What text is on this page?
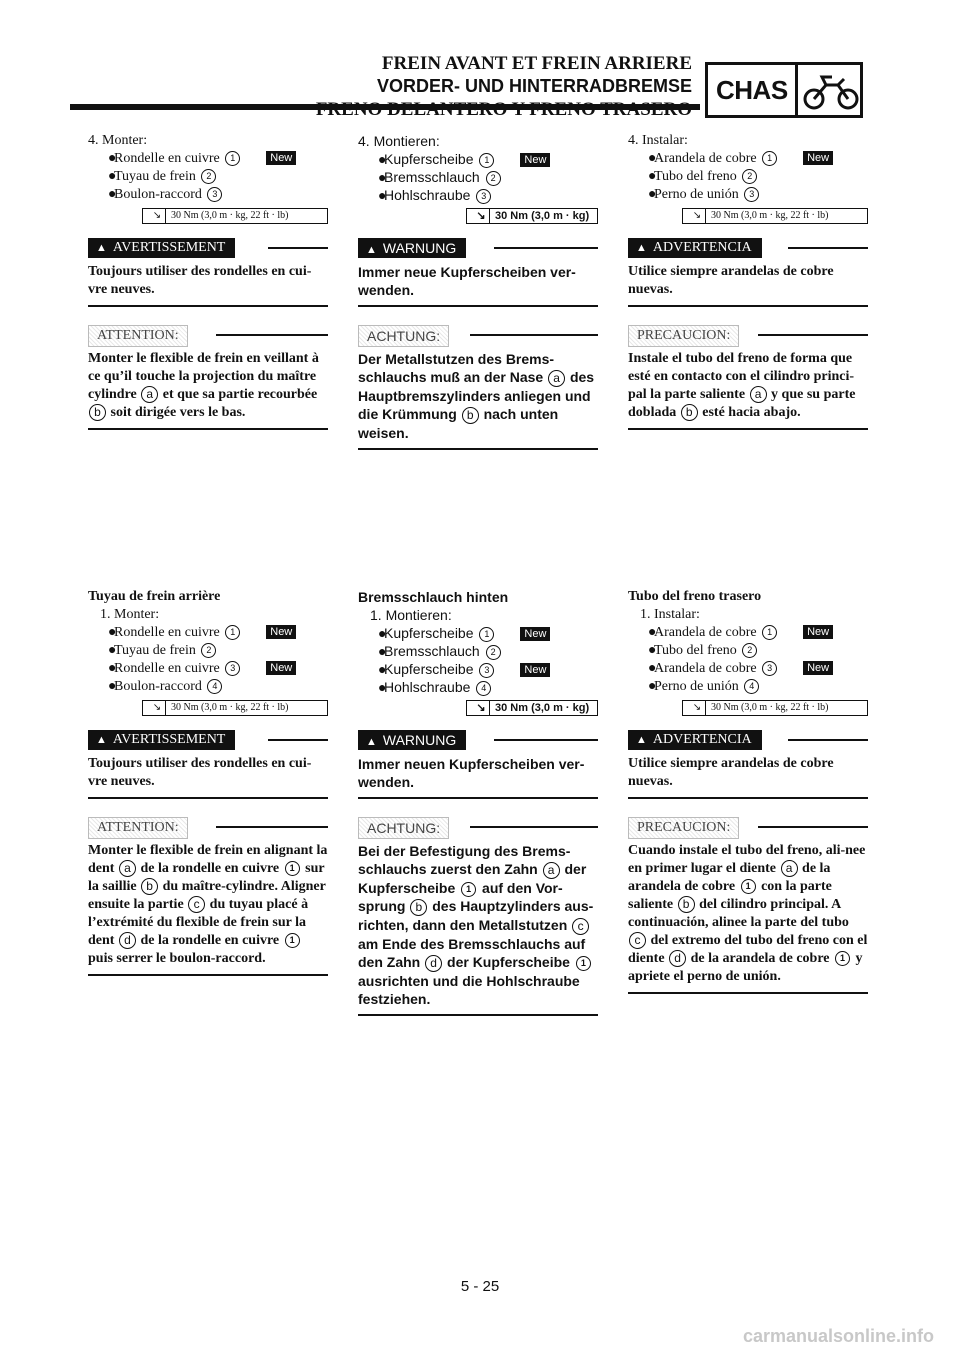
FREIN AVANT ET FREIN ARRIERE
VORDER- UND HINTERRADBREMSE CHAS
4. Monter:
●
Rondelle en cuivre 1	New
●
Tuyau de frein 2
●
Boulon-raccord 3
↘ 30 Nm (3,0 m · kg, 22 ft · lb)
▲ AVERTISSEMENT
Toujours utiliser des rondelles en cui-vre neuves.
ATTENTION:
Monter le flexible de frein en veillant à ce qu’il touche la projection du maître cylindre a et que sa partie recourbée b soit dirigée vers le bas.
4. Montieren:
●
Kupferscheibe 1	New
●
Bremsschlauch 2
●
Hohlschraube 3
↘ 30 Nm (3,0 m · kg)
▲ WARNUNG
Immer neue Kupferscheiben ver-wenden.
ACHTUNG:
Der Metallstutzen des Brems-schlauchs muß an der Nase a des Hauptbremszylinders anliegen und die Krümmung b nach unten weisen.
4. Instalar:
●
Arandela de cobre 1	New
●
Tubo del freno 2
●
Perno de unión 3
↘ 30 Nm (3,0 m · kg, 22 ft · lb)
▲ ADVERTENCIA
Utilice siempre arandelas de cobre nuevas.
PRECAUCION:
Instale el tubo del freno de forma que esté en contacto con el cilindro princi-pal la parte saliente a y que su parte doblada b esté hacia abajo.
Tuyau de frein arrière
1. Monter:
●
Rondelle en cuivre 1	New
●
Tuyau de frein 2
●
Rondelle en cuivre 3	New
●
Boulon-raccord 4
↘ 30 Nm (3,0 m · kg, 22 ft · lb)
▲ AVERTISSEMENT
Toujours utiliser des rondelles en cui-vre neuves.
ATTENTION:
Monter le flexible de frein en alignant la dent a de la rondelle en cuivre 1 sur la saillie b du maître-cylindre. Aligner ensuite la partie c du tuyau placé à l’extrémité du flexible de frein sur la dent d de la rondelle en cuivre 1 puis serrer le boulon-raccord.
Bremsschlauch hinten
1. Montieren:
●
Kupferscheibe 1	New
●
Bremsschlauch 2
●
Kupferscheibe 3	New
●
Hohlschraube 4
↘ 30 Nm (3,0 m · kg)
▲ WARNUNG
Immer neuen Kupferscheiben ver-wenden.
ACHTUNG:
Bei der Befestigung des Brems-schlauchs zuerst den Zahn a der Kupferscheibe 1 auf den Vor-sprung b des Hauptzylinders aus-richten, dann den Metallstutzen c am Ende des Bremsschlauchs auf den Zahn d der Kupferscheibe 1 ausrichten und die Hohlschraube festziehen.
Tubo del freno trasero
1. Instalar:
●
Arandela de cobre 1	New
●
Tubo del freno 2
●
Arandela de cobre 3	New
●
Perno de unión 4
↘ 30 Nm (3,0 m · kg, 22 ft · lb)
▲ ADVERTENCIA
Utilice siempre arandelas de cobre nuevas.
PRECAUCION:
Cuando instale el tubo del freno, ali-nee en primer lugar el diente a de la arandela de cobre 1 con la parte saliente b del cilindro principal. A continuación, alinee la parte del tubo c del extremo del tubo del freno con el diente d de la arandela de cobre 1 y apriete el perno de unión.
5 - 25
carmanualsonline.info
